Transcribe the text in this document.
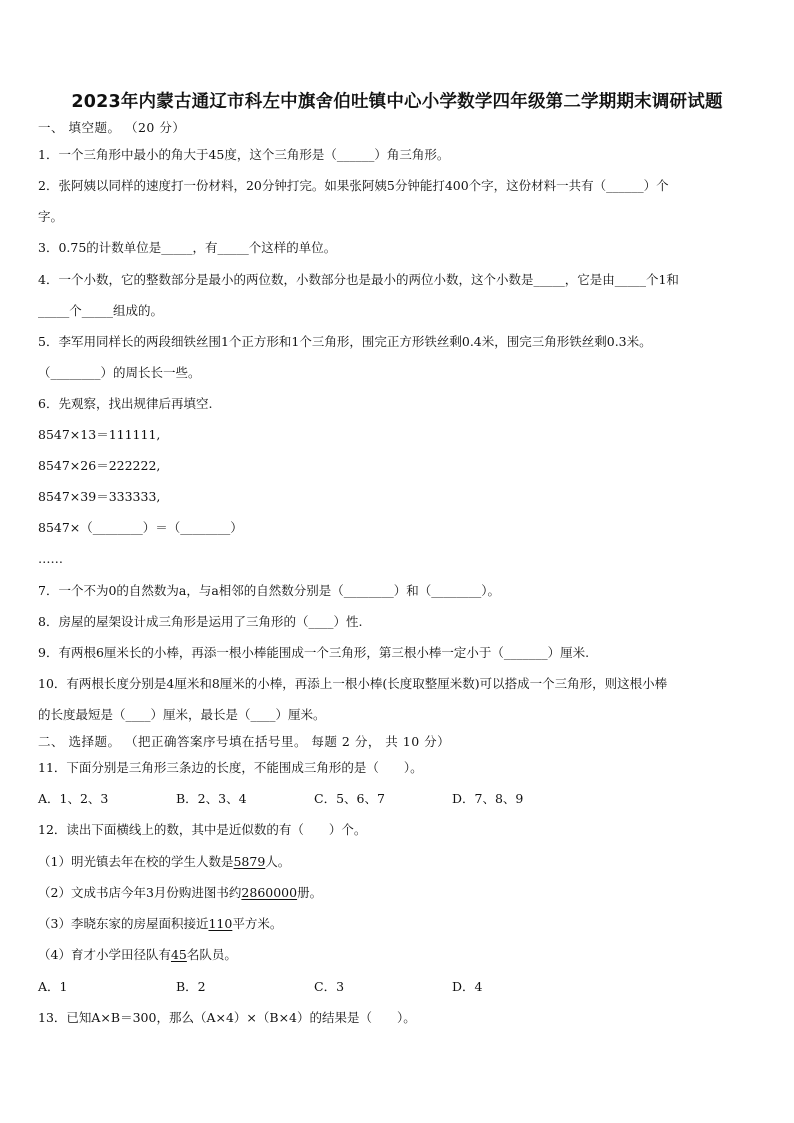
2023年内蒙古通辽市科左中旗舍伯吐镇中心小学数学四年级第二学期期末调研试题
一、 填空题。 （20 分）
1．一个三角形中最小的角大于45度，这个三角形是（______）角三角形。
2．张阿姨以同样的速度打一份材料，20分钟打完。如果张阿姨5分钟能打400个字，这份材料一共有（______）个
字。
3．0.75的计数单位是_____，有_____个这样的单位。
4．一个小数，它的整数部分是最小的两位数，小数部分也是最小的两位小数，这个小数是_____，它是由_____个1和
_____个_____组成的。
5．李军用同样长的两段细铁丝围1个正方形和1个三角形，围完正方形铁丝剩0.4米，围完三角形铁丝剩0.3米。
（________）的周长长一些。
6．先观察，找出规律后再填空.
8547×13＝111111,
8547×26＝222222,
8547×39＝333333,
8547×（________）＝（________）
……
7．一个不为0的自然数为a，与a相邻的自然数分别是（________）和（________）。
8．房屋的屋架设计成三角形是运用了三角形的（____）性.
9．有两根6厘米长的小棒，再添一根小棒能围成一个三角形，第三根小棒一定小于（_______）厘米.
10．有两根长度分别是4厘米和8厘米的小棒，再添上一根小棒(长度取整厘米数)可以搭成一个三角形，则这根小棒
的长度最短是（____）厘米，最长是（____）厘米。
二、 选择题。 （把正确答案序号填在括号里。 每题 2 分， 共 10 分）
11．下面分别是三角形三条边的长度，不能围成三角形的是（　　）。
A．1、2、3	B．2、3、4	C．5、6、7	D．7、8、9
12．读出下面横线上的数，其中是近似数的有（　　）个。
（1）明光镇去年在校的学生人数是5879人。
（2）文成书店今年3月份购进图书约2860000册。
（3）李晓东家的房屋面积接近110平方米。
（4）育才小学田径队有45名队员。
A．1	B．2	C．3	D．4
13．已知A×B＝300，那么（A×4）×（B×4）的结果是（　　）。
